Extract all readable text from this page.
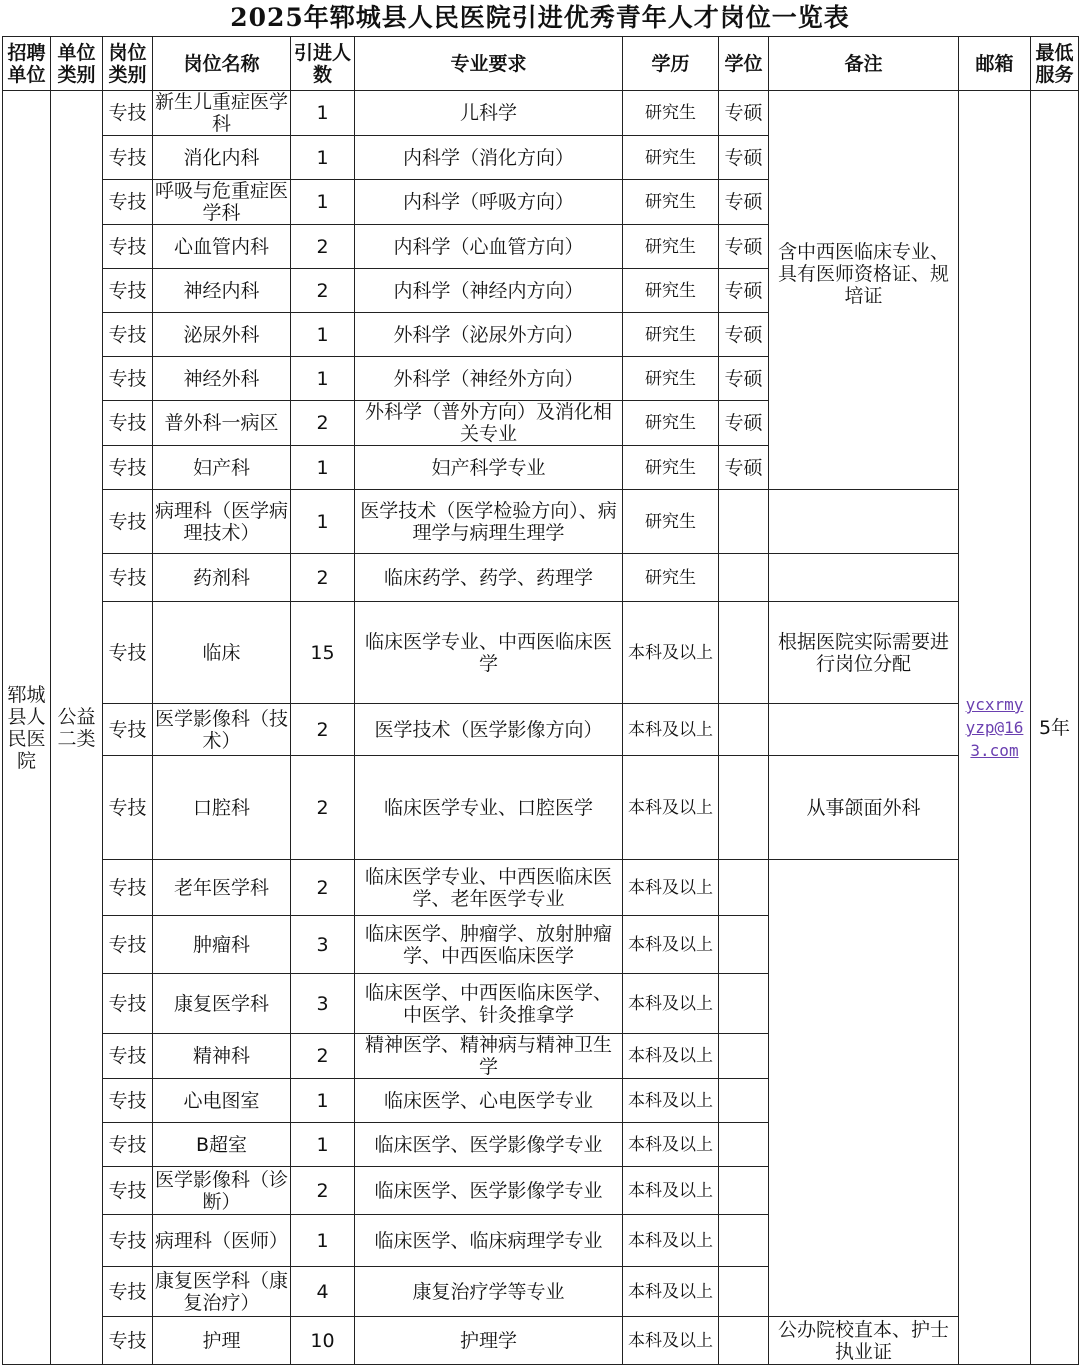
2025年郓城县人民医院引进优秀青年人才岗位一览表
招聘单位	单位类别	岗位类别	岗位名称	引进人数	专业要求	学历	学位	备注	邮箱	最低服务
郓城县人民医院	公益二类	专技	新生儿重症医学科	1	儿科学	研究生	专硕	含中西医临床专业、具有医师资格证、规培证	ycxrmyyzp@163.com	5年
		专技	消化内科	1	内科学（消化方向）	研究生	专硕			
		专技	呼吸与危重症医学科	1	内科学（呼吸方向）	研究生	专硕			
		专技	心血管内科	2	内科学（心血管方向）	研究生	专硕			
		专技	神经内科	2	内科学（神经内方向）	研究生	专硕			
		专技	泌尿外科	1	外科学（泌尿外方向）	研究生	专硕			
		专技	神经外科	1	外科学（神经外方向）	研究生	专硕			
		专技	普外科一病区	2	外科学（普外方向）及消化相关专业	研究生	专硕			
		专技	妇产科	1	妇产科学专业	研究生	专硕			
		专技	病理科（医学病理技术）	1	医学技术（医学检验方向）、病理学与病理生理学	研究生				
		专技	药剂科	2	临床药学、药学、药理学	研究生				
		专技	临床	15	临床医学专业、中西医临床医学	本科及以上		根据医院实际需要进行岗位分配		
		专技	医学影像科（技术）	2	医学技术（医学影像方向）	本科及以上				
		专技	口腔科	2	临床医学专业、口腔医学	本科及以上		从事颌面外科		
		专技	老年医学科	2	临床医学专业、中西医临床医学、老年医学专业	本科及以上				
		专技	肿瘤科	3	临床医学、肿瘤学、放射肿瘤学、中西医临床医学	本科及以上				
		专技	康复医学科	3	临床医学、中西医临床医学、中医学、针灸推拿学	本科及以上				
		专技	精神科	2	精神医学、精神病与精神卫生学	本科及以上				
		专技	心电图室	1	临床医学、心电医学专业	本科及以上				
		专技	B超室	1	临床医学、医学影像学专业	本科及以上				
		专技	医学影像科（诊断）	2	临床医学、医学影像学专业	本科及以上				
		专技	病理科（医师）	1	临床医学、临床病理学专业	本科及以上				
		专技	康复医学科（康复治疗）	4	康复治疗学等专业	本科及以上				
		专技	护理	10	护理学	本科及以上		公办院校直本、护士执业证		
